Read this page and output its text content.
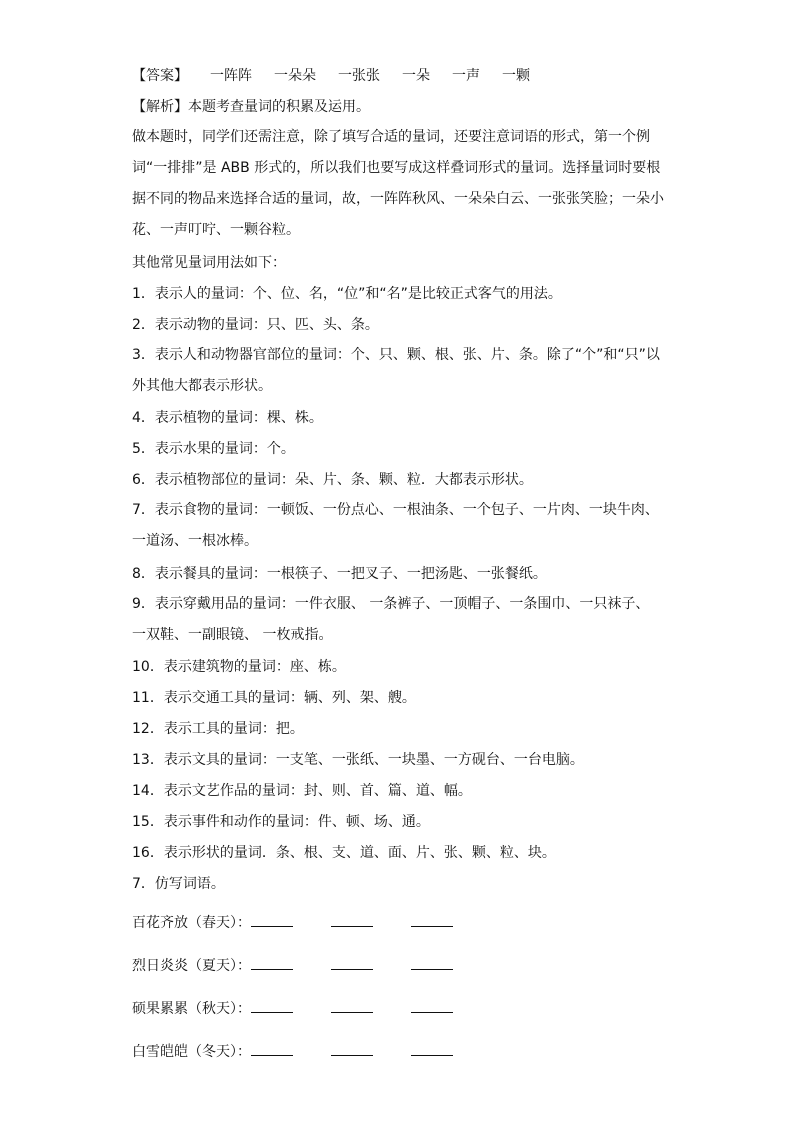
【答案】 一阵阵 一朵朵 一张张 一朵 一声 一颗
【解析】本题考查量词的积累及运用。
做本题时，同学们还需注意，除了填写合适的量词，还要注意词语的形式，第一个例词“一排排”是 ABB 形式的，所以我们也要写成这样叠词形式的量词。选择量词时要根据不同的物品来选择合适的量词，故，一阵阵秋风、一朵朵白云、一张张笑脸；一朵小花、一声叮咛、一颗谷粒。
其他常见量词用法如下：
1．表示人的量词：个、位、名，“位”和“名”是比较正式客气的用法。
2．表示动物的量词：只、匹、头、条。
3．表示人和动物器官部位的量词：个、只、颗、根、张、片、条。除了“个”和“只”以外其他大都表示形状。
4．表示植物的量词：棵、株。
5．表示水果的量词：个。
6．表示植物部位的量词：朵、片、条、颗、粒．大都表示形状。
7．表示食物的量词：一顿饭、一份点心、一根油条、一个包子、一片肉、一块牛肉、一道汤、一根冰棒。
8．表示餐具的量词：一根筷子、一把叉子、一把汤匙、一张餐纸。
9．表示穿戴用品的量词：一件衣服、 一条裤子、一顶帽子、一条围巾、一只袜子、一双鞋、一副眼镜、 一枚戒指。
10．表示建筑物的量词：座、栋。
11．表示交通工具的量词：辆、列、架、艘。
12．表示工具的量词：把。
13．表示文具的量词：一支笔、一张纸、一块墨、一方砚台、一台电脑。
14．表示文艺作品的量词：封、则、首、篇、道、幅。
15．表示事件和动作的量词：件、顿、场、通。
16．表示形状的量词．条、根、支、道、面、片、张、颗、粒、块。
7．仿写词语。
百花齐放（春天）：
烈日炎炎（夏天）：
硕果累累（秋天）：
白雪皑皑（冬天）：
